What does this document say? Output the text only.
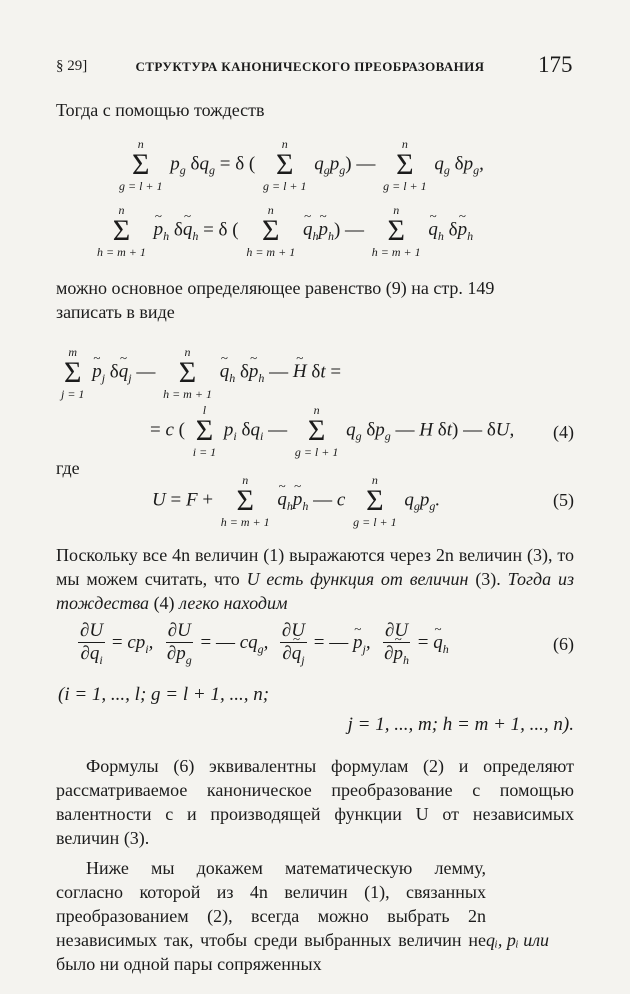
§ 29]	СТРУКТУРА КАНОНИЧЕСКОГО ПРЕОБРАЗОВАНИЯ	175
Тогда с помощью тождеств
n
Σ
g = l + 1
$p_g$ $\delta q_g = \delta$ (
n
Σ
g = l + 1
$q_gp_g$) —
n
Σ
g = l + 1
$q_g$ $\delta p_g$,
n
Σ
h = m + 1
~ $p_h$ δ~ $q_h = \delta$ (
n
Σ
h = m + 1
~ $q_h\sim$ $p_h$) —
n
Σ
h = m + 1
~ $q_h$ δ~ $p_h$
можно основное определяющее равенство (9) на стр. 149
записать в виде
m
Σ
j = 1
~ $p_j$ δ~ $q_j$ —
n
Σ
h = m + 1
~ $q_h$ δ~ $p_h$ — ~ H δt =
= c (
l
Σ
i = 1
$p_i$ $\delta q_i$ —
n
Σ
g = l + 1
$q_g$ $\delta p_g$ — H δt) — δU, (4)
где
U = F +
n
Σ
h = m + 1
~ $q_h\sim$ $p_h$ — c
n
Σ
g = l + 1
$q_gp_g$.	(5)
Поскольку все 4n величин (1) выражаются через 2n величин (3), то мы можем считать, что U есть функция от величин (3). Тогда из тождества (4) легко находим
$\frac{\partial U}{\partial q_i} = cp_i$, $\frac{\partial U}{\partial p_g}$ = — $cq_g$, $\frac{\partial U}{\partial\sim q_j}$ = — ~ $p_j$, $\frac{\partial U}{\partial\sim p_h}$ = ~ $q_h$	(6)
(i = 1, ..., l; g = l + 1, ..., n;
j = 1, ..., m; h = m + 1, ..., n).
Формулы (6) эквивалентны формулам (2) и определяют рассматриваемое каноническое преобразование с помощью валентности c и производящей функции U от независимых величин (3).
Ниже мы докажем математическую лемму, согласно которой из 4n величин (1), связанных преобразованием (2), всегда можно выбрать 2n независимых так, чтобы среди выбранных величин не было ни одной пары сопряженных
qᵢ, pᵢ или
